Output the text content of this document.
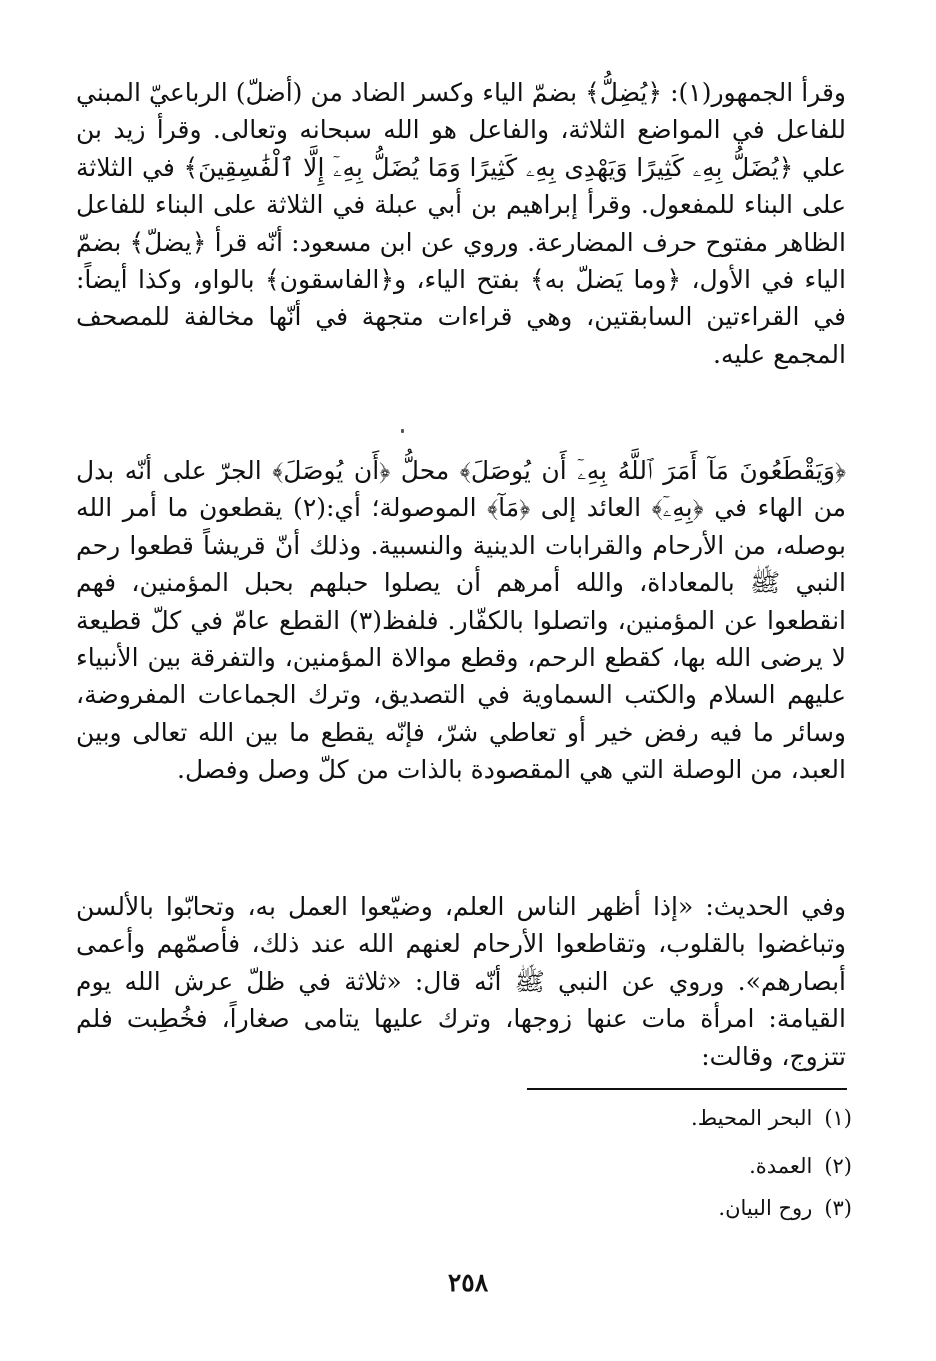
وقرأ الجمهور(١): ﴿يُضِلُّ﴾ بضمّ الياء وكسر الضاد من (أضلّ) الرباعيّ المبني للفاعل في المواضع الثلاثة، والفاعل هو الله سبحانه وتعالى. وقرأ زيد بن علي ﴿يُضَلُّ بِهِۦ كَثِيرًا وَيَهْدِى بِهِۦ كَثِيرًا وَمَا يُضَلُّ بِهِۦٓ إِلَّا ٱلْفَٰسِقِينَ﴾ في الثلاثة على البناء للمفعول. وقرأ إبراهيم بن أبي عبلة في الثلاثة على البناء للفاعل الظاهر مفتوح حرف المضارعة. وروي عن ابن مسعود: أنّه قرأ ﴿يضلّ﴾ بضمّ الياء في الأول، ﴿وما يَضلّ به﴾ بفتح الياء، و﴿الفاسقون﴾ بالواو، وكذا أيضاً: في القراءتين السابقتين، وهي قراءات متجهة في أنّها مخالفة للمصحف المجمع عليه.

﴿وَيَقْطَعُونَ مَآ أَمَرَ ٱللَّهُ بِهِۦٓ أَن يُوصَلَ﴾ محلُّ ﴿أَن يُوصَلَ﴾ الجرّ على أنّه بدل من الهاء في ﴿بِهِۦٓ﴾ العائد إلى ﴿مَآ﴾ الموصولة؛ أي:(٢) يقطعون ما أمر الله بوصله، من الأرحام والقرابات الدينية والنسبية. وذلك أنّ قريشاً قطعوا رحم النبي ﷺ بالمعاداة، والله أمرهم أن يصلوا حبلهم بحبل المؤمنين، فهم انقطعوا عن المؤمنين، واتصلوا بالكفّار. فلفظ(٣) القطع عامّ في كلّ قطيعة لا يرضى الله بها، كقطع الرحم، وقطع موالاة المؤمنين، والتفرقة بين الأنبياء عليهم السلام والكتب السماوية في التصديق، وترك الجماعات المفروضة، وسائر ما فيه رفض خير أو تعاطي شرّ، فإنّه يقطع ما بين الله تعالى وبين العبد، من الوصلة التي هي المقصودة بالذات من كلّ وصل وفصل.

وفي الحديث: «إذا أظهر الناس العلم، وضيّعوا العمل به، وتحابّوا بالألسن وتباغضوا بالقلوب، وتقاطعوا الأرحام لعنهم الله عند ذلك، فأصمّهم وأعمى أبصارهم». وروي عن النبي ﷺ أنّه قال: «ثلاثة في ظلّ عرش الله يوم القيامة: امرأة مات عنها زوجها، وترك عليها يتامى صغاراً، فخُطِبت فلم تتزوج، وقالت:

(١)البحر المحيط.
(٢)العمدة.
(٣)روح البيان.
٢٥٨
